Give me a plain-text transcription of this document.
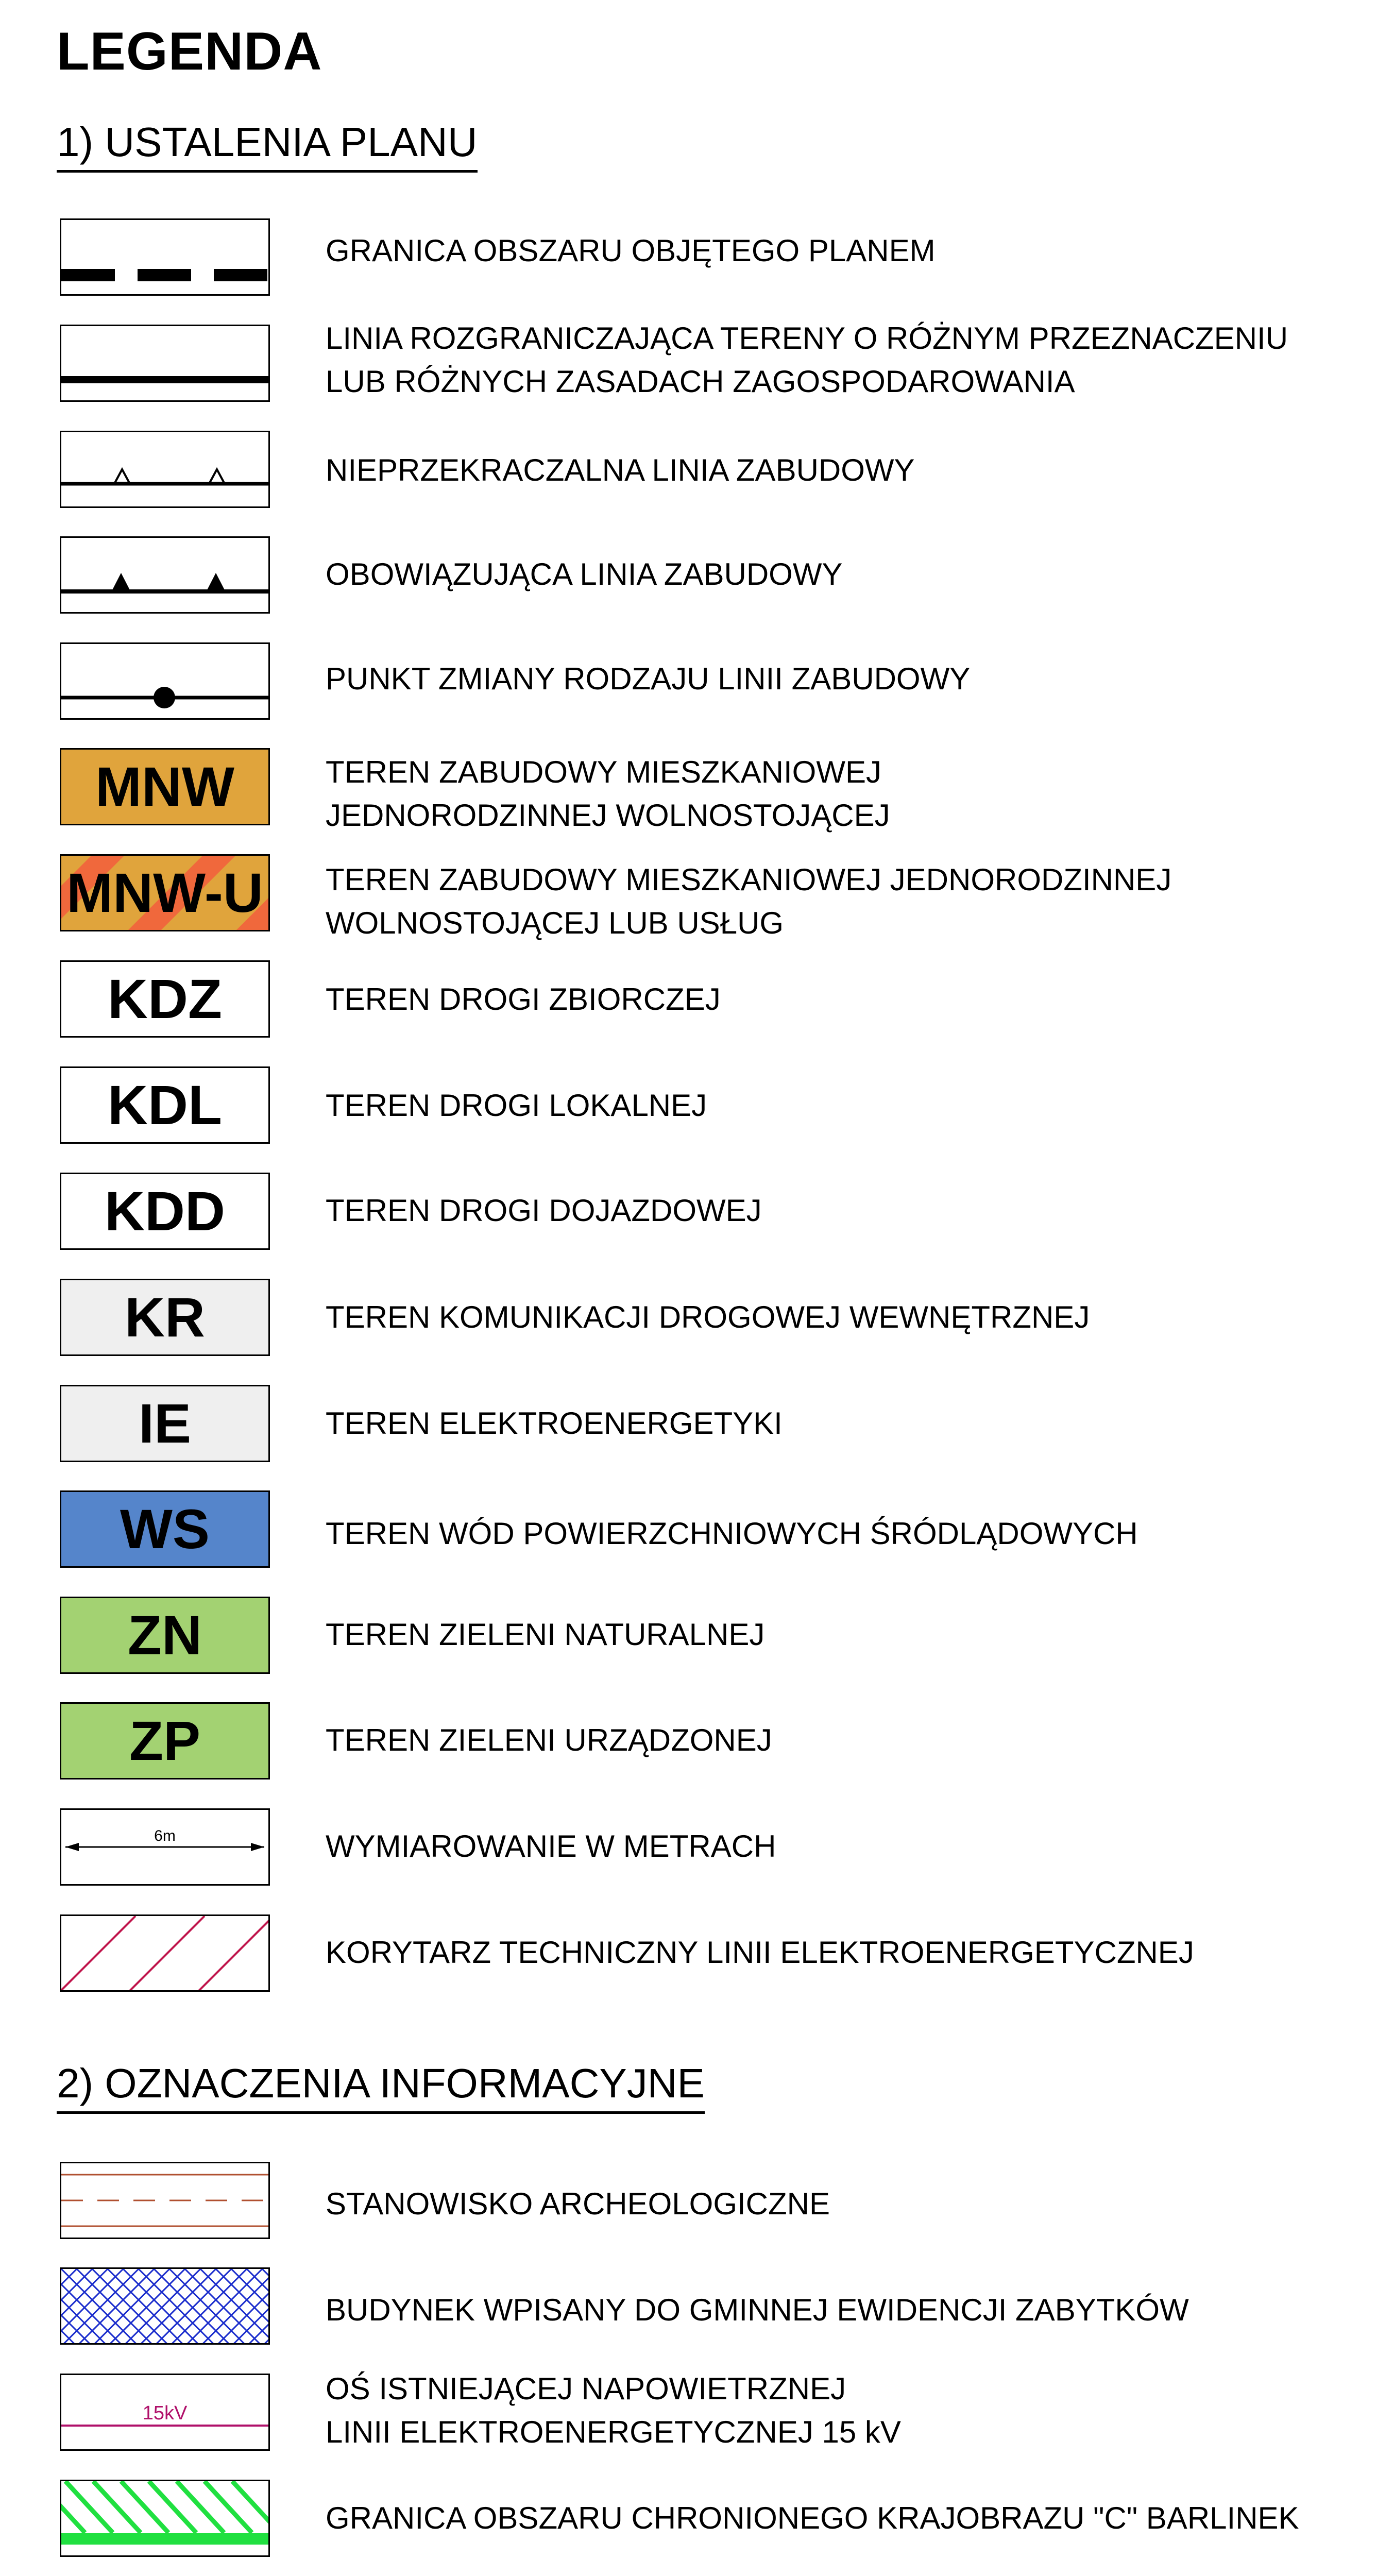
LEGENDA
1) USTALENIA PLANU
GRANICA OBSZARU OBJĘTEGO PLANEM
LINIA ROZGRANICZAJĄCA TERENY O RÓŻNYM PRZEZNACZENIU
LUB RÓŻNYCH ZASADACH ZAGOSPODAROWANIA
NIEPRZEKRACZALNA LINIA ZABUDOWY
OBOWIĄZUJĄCA LINIA ZABUDOWY
PUNKT ZMIANY RODZAJU LINII ZABUDOWY
MNW	TEREN ZABUDOWY MIESZKANIOWEJ
JEDNORODZINNEJ WOLNOSTOJĄCEJ
MNW-U TEREN ZABUDOWY MIESZKANIOWEJ JEDNORODZINNEJ
WOLNOSTOJĄCEJ LUB USŁUG
KDZ	TEREN DROGI ZBIORCZEJ
KDL	TEREN DROGI LOKALNEJ
KDD	TEREN DROGI DOJAZDOWEJ
KR	TEREN KOMUNIKACJI DROGOWEJ WEWNĘTRZNEJ
IE	TEREN ELEKTROENERGETYKI
WS	TEREN WÓD POWIERZCHNIOWYCH ŚRÓDLĄDOWYCH
ZN	TEREN ZIELENI NATURALNEJ
ZP	TEREN ZIELENI URZĄDZONEJ
6m	WYMIAROWANIE W METRACH
KORYTARZ TECHNICZNY LINII ELEKTROENERGETYCZNEJ
2) OZNACZENIA INFORMACYJNE
STANOWISKO ARCHEOLOGICZNE
BUDYNEK WPISANY DO GMINNEJ EWIDENCJI ZABYTKÓW
15kV
OŚ ISTNIEJĄCEJ NAPOWIETRZNEJ
LINII ELEKTROENERGETYCZNEJ 15 kV
GRANICA OBSZARU CHRONIONEGO KRAJOBRAZU "C" BARLINEK
